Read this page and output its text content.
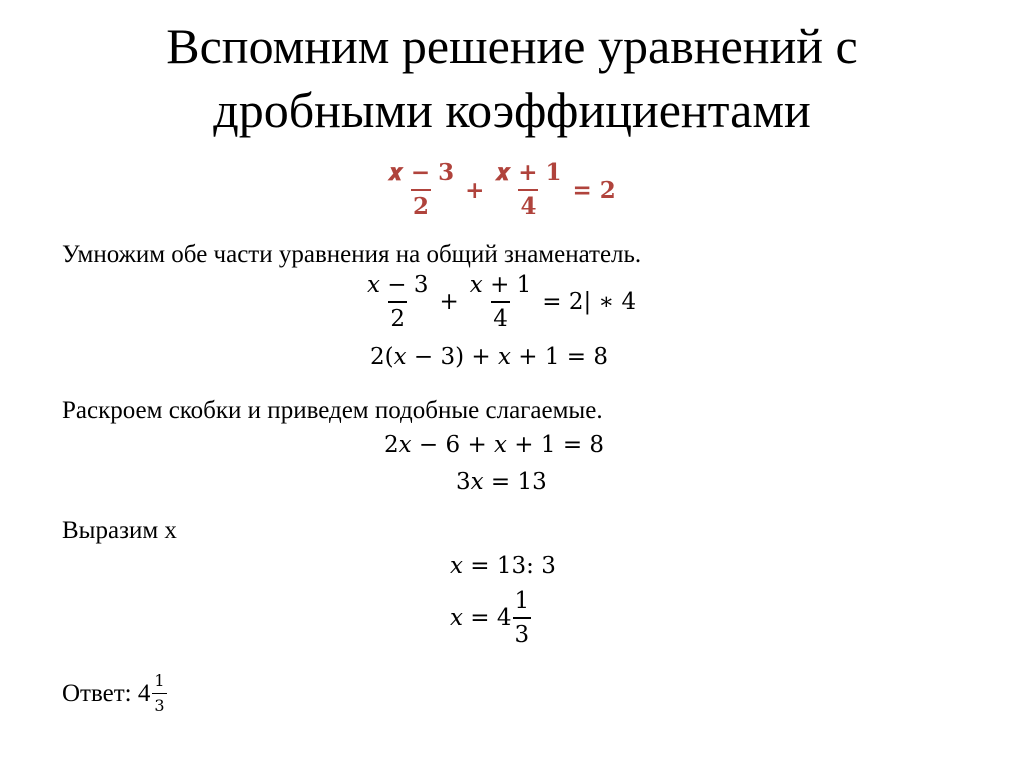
Вспомним решение уравнений с
дробными коэффициентами
$\frac{\text{𝒙 − 3}}{2} + \frac{\text{𝒙 + 1}}{4} = 2$
Умножим обе части уравнения на общий знаменатель.
$\frac{\text{𝑥 − 3}}{2} + \frac{\text{𝑥 + 1}}{4} = 2|$ ∗ 4
2(𝑥 − 3) + 𝑥 + 1 = 8
Раскроем скобки и приведем подобные слагаемые.
2𝑥 − 6 + 𝑥 + 1 = 8
3𝑥 = 13
Выразим x
𝑥 = 13: 3
𝑥 = $4 \frac{1}{3}$
Ответ: $4 \frac{1}{3}$
